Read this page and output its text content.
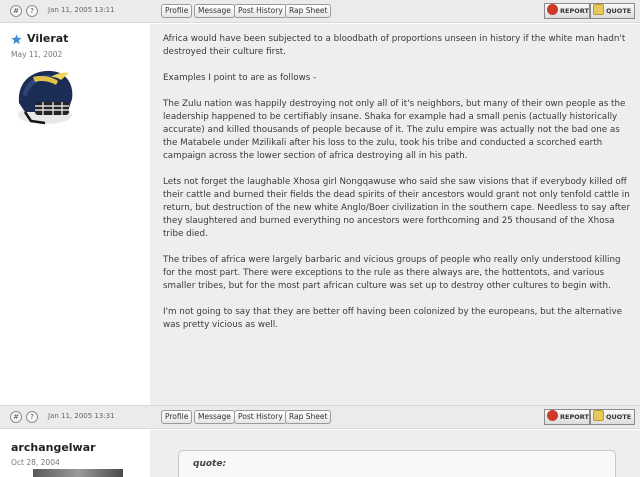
#	?	Jan 11, 2005 13:11	Profile	Message Post History Rap Sheet	REPORT	QUOTE
Vilerat
May 11, 2002

Africa would have been subjected to a bloodbath of proportions unseen in history if the white man hadn't destroyed their culture first.

Examples I point to are as follows -

The Zulu nation was happily destroying not only all of it's neighbors, but many of their own people as the leadership happened to be certifiably insane. Shaka for example had a small penis (actually historically accurate) and killed thousands of people because of it. The zulu empire was actually not the bad one as the Matabele under Mzilikali after his loss to the zulu, took his tribe and conducted a scorched earth campaign across the lower section of africa destroying all in his path.

Lets not forget the laughable Xhosa girl Nongqawuse who said she saw visions that if everybody killed off their cattle and burned their fields the dead spirits of their ancestors would grant not only tenfold cattle in return, but destruction of the new white Anglo/Boer civilization in the southern cape. Needless to say after they slaughtered and burned everything no ancestors were forthcoming and 25 thousand of the Xhosa tribe died.

The tribes of africa were largely barbaric and vicious groups of people who really only understood killing for the most part. There were exceptions to the rule as there always are, the hottentots, and various smaller tribes, but for the most part african culture was set up to destroy other cultures to begin with.

I'm not going to say that they are better off having been colonized by the europeans, but the alternative was pretty vicious as well.

#	?	Jan 11, 2005 13:31	Profile	Message Post History Rap Sheet	REPORT	QUOTE
archangelwar
Oct 28, 2004	quote:
